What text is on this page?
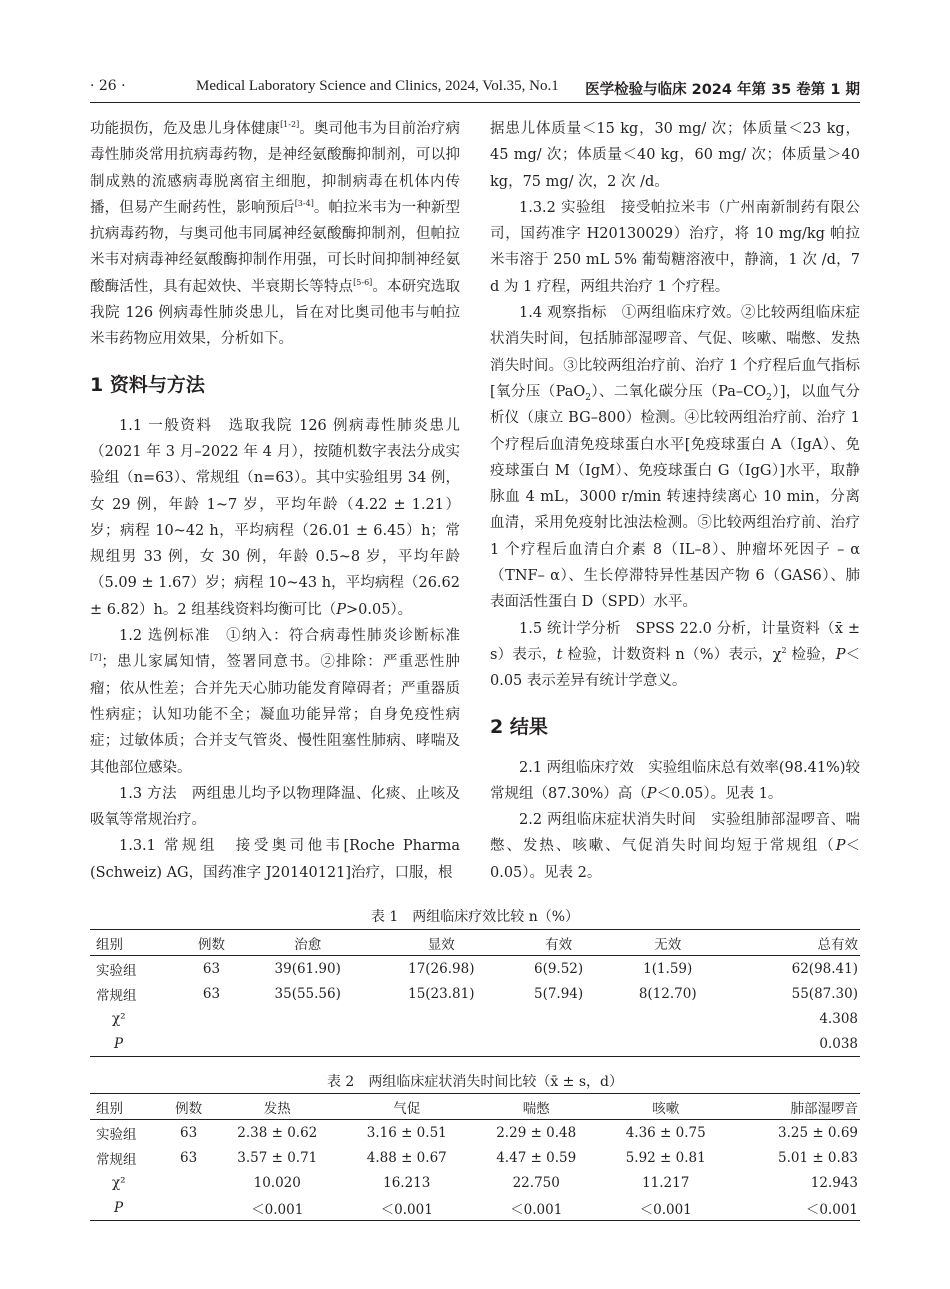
· 26 ·	Medical Laboratory Science and Clinics, 2024, Vol.35, No.1 医学检验与临床 2024 年第 35 卷第 1 期

功能损伤，危及患儿身体健康[1-2]。奥司他韦为目前治疗病毒性肺炎常用抗病毒药物，是神经氨酸酶抑制剂，可以抑制成熟的流感病毒脱离宿主细胞，抑制病毒在机体内传播，但易产生耐药性，影响预后[3-4]。帕拉米韦为一种新型抗病毒药物，与奥司他韦同属神经氨酸酶抑制剂，但帕拉米韦对病毒神经氨酸酶抑制作用强，可长时间抑制神经氨酸酶活性，具有起效快、半衰期长等特点[5-6]。本研究选取我院 126 例病毒性肺炎患儿，旨在对比奥司他韦与帕拉米韦药物应用效果，分析如下。

1 资料与方法

1.1 一般资料　选取我院 126 例病毒性肺炎患儿（2021 年 3 月–2022 年 4 月），按随机数字表法分成实验组（n=63）、常规组（n=63）。其中实验组男 34 例，女 29 例，年龄 1~7 岁，平均年龄（4.22 ± 1.21）岁；病程 10~42 h，平均病程（26.01 ± 6.45）h；常规组男 33 例，女 30 例，年龄 0.5~8 岁，平均年龄（5.09 ± 1.67）岁；病程 10~43 h，平均病程（26.62 ± 6.82）h。2 组基线资料均衡可比（P>0.05）。

1.2 选例标准　①纳入：符合病毒性肺炎诊断标准[7]；患儿家属知情，签署同意书。②排除：严重恶性肿瘤；依从性差；合并先天心肺功能发育障碍者；严重器质性病症；认知功能不全；凝血功能异常；自身免疫性病症；过敏体质；合并支气管炎、慢性阻塞性肺病、哮喘及其他部位感染。

1.3 方法　两组患儿均予以物理降温、化痰、止咳及吸氧等常规治疗。

1.3.1 常规组　接受奥司他韦[Roche Pharma (Schweiz) AG，国药准字 J20140121]治疗，口服，根

据患儿体质量＜15 kg，30 mg/ 次；体质量＜23 kg，45 mg/ 次；体质量＜40 kg，60 mg/ 次；体质量＞40 kg，75 mg/ 次，2 次 /d。

1.3.2 实验组　接受帕拉米韦（广州南新制药有限公司，国药准字 H20130029）治疗，将 10 mg/kg 帕拉米韦溶于 250 mL 5% 葡萄糖溶液中，静滴，1 次 /d，7 d 为 1 疗程，两组共治疗 1 个疗程。

1.4 观察指标　①两组临床疗效。②比较两组临床症状消失时间，包括肺部湿啰音、气促、咳嗽、喘憋、发热消失时间。③比较两组治疗前、治疗 1 个疗程后血气指标[氧分压（PaO$_2$）、二氧化碳分压$(Pa-CO_2)$]，以血气分析仪（康立 BG–800）检测。④比较两组治疗前、治疗 1 个疗程后血清免疫球蛋白水平[免疫球蛋白 A（IgA）、免疫球蛋白 M（IgM）、免疫球蛋白 G（IgG）]水平，取静脉血 4 mL，3000 r/min 转速持续离心 10 min，分离血清，采用免疫射比浊法检测。⑤比较两组治疗前、治疗 1 个疗程后血清白介素 8（IL–8）、肿瘤坏死因子 – α（TNF– α）、生长停滞特异性基因产物 6（GAS6）、肺表面活性蛋白 D（SPD）水平。

1.5 统计学分析　SPSS 22.0 分析，计量资料（x̄ ± s）表示，t 检验，计数资料 n（%）表示，$\chi^2$ 检验，P＜0.05 表示差异有统计学意义。

2 结果

2.1 两组临床疗效　实验组临床总有效率(98.41%)较常规组（87.30%）高（P＜0.05）。见表 1。

2.2 两组临床症状消失时间　实验组肺部湿啰音、喘憋、发热、咳嗽、气促消失时间均短于常规组（P＜0.05）。见表 2。

表 1　两组临床疗效比较 n（%）
组别	例数	治愈	显效	有效	无效	总有效
实验组	63	39(61.90)	17(26.98)	6(9.52)	1(1.59)	62(98.41)
常规组	63	35(55.56)	15(23.81)	5(7.94)	8(12.70)	55(87.30)
χ²						4.308
P						0.038
表 2　两组临床症状消失时间比较（x̄ ± s，d）
组别	例数	发热	气促	喘憋	咳嗽	肺部湿啰音
实验组	63	2.38 ± 0.62	3.16 ± 0.51	2.29 ± 0.48	4.36 ± 0.75	3.25 ± 0.69
常规组	63	3.57 ± 0.71	4.88 ± 0.67	4.47 ± 0.59	5.92 ± 0.81	5.01 ± 0.83
χ²		10.020	16.213	22.750	11.217	12.943
P		＜0.001	＜0.001	＜0.001	＜0.001	＜0.001
